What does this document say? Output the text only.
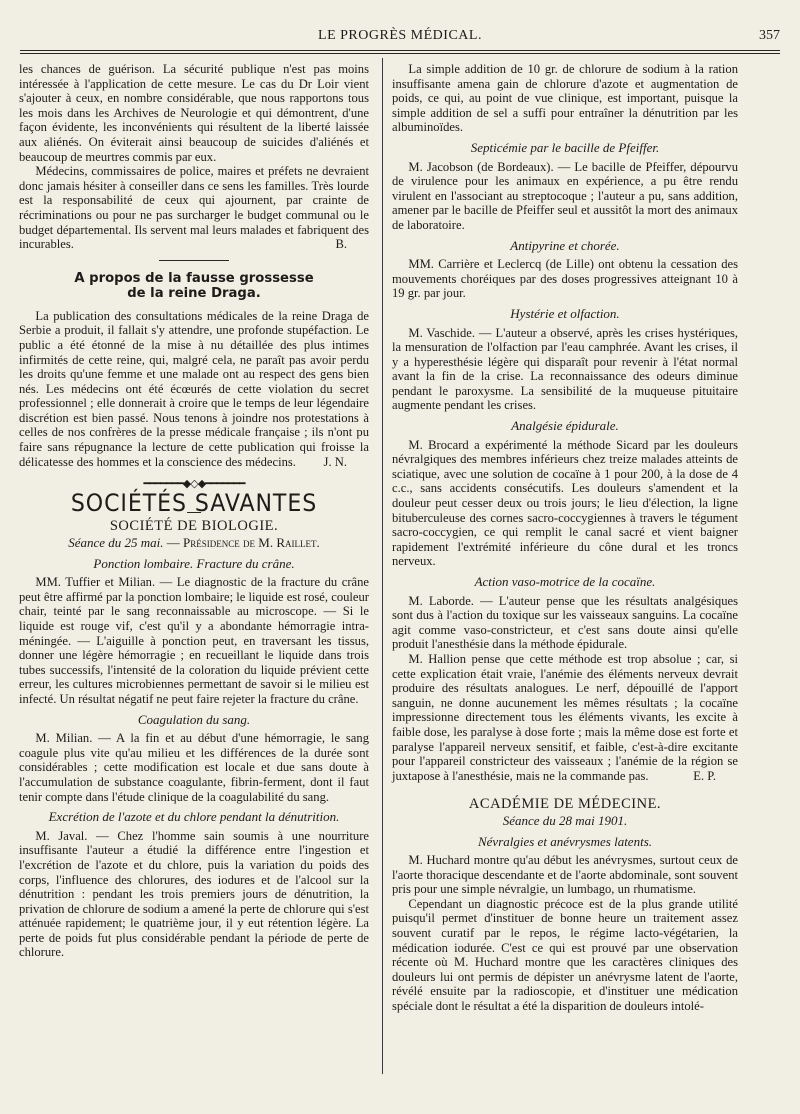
LE PROGRÈS MÉDICAL.	357

les chances de guérison. La sécurité publique n'est pas moins intéressée à l'application de cette mesure. Le cas du Dr Loir vient s'ajouter à ceux, en nombre considérable, que nous rapportons tous les mois dans les Archives de Neurologie et qui démontrent, d'une façon évidente, les inconvénients qui résultent de la liberté laissée aux aliénés. On éviterait ainsi beaucoup de suicides d'aliénés et beaucoup de meurtres commis par eux.

Médecins, commissaires de police, maires et préfets ne devraient donc jamais hésiter à conseiller dans ce sens les familles. Très lourde est la responsabilité de ceux qui ajournent, par crainte de récriminations ou pour ne pas surcharger le budget communal ou le budget départemental. Ils servent mal leurs malades et fabriquent des incurables.	B.

A propos de la fausse grossesse
de la reine Draga.

La publication des consultations médicales de la reine Draga de Serbie a produit, il fallait s'y attendre, une profonde stupéfaction. Le public a été étonné de la mise à nu détaillée des plus intimes infirmités de cette reine, qui, malgré cela, ne paraît pas avoir perdu les droits qu'une femme et une malade ont au respect des gens bien nés. Les médecins ont été écœurés de cette violation du secret professionnel ; elle donnerait à croire que le temps de leur légendaire discrétion est bien passé. Nous tenons à joindre nos protestations à celles de nos confrères de la presse médicale française ; ils n'ont pu faire sans répugnance la lecture de cette publication qui froisse la délicatesse des hommes et la conscience des médecins.	J. N.

━━━━━━━◆◇◆━━━━━━━
SOCIÉTÉS SAVANTES
SOCIÉTÉ DE BIOLOGIE.
Séance du 25 mai. — Présidence de M. Raillet.
Ponction lombaire. Fracture du crâne.

MM. Tuffier et Milian. — Le diagnostic de la fracture du crâne peut être affirmé par la ponction lombaire; le liquide est rosé, couleur chair, teinté par le sang reconnaissable au microscope. — Si le liquide est rouge vif, c'est qu'il y a abondante hémorragie intra-méningée. — L'aiguille à ponction peut, en traversant les tissus, donner une légère hémorragie ; en recueillant le liquide dans trois tubes successifs, l'intensité de la coloration du liquide prévient cette erreur, les cultures microbiennes permettant de savoir si le milieu est infecté. Un résultat négatif ne peut faire rejeter la fracture du crâne.

Coagulation du sang.

M. Milian. — A la fin et au début d'une hémorragie, le sang coagule plus vite qu'au milieu et les différences de la durée sont considérables ; cette modification est locale et due sans doute à l'accumulation de substance coagulante, fibrin-ferment, dont il faut tenir compte dans l'étude clinique de la coagulabilité du sang.

Excrétion de l'azote et du chlore pendant la dénutrition.

M. Javal. — Chez l'homme sain soumis à une nourriture insuffisante l'auteur a étudié la différence entre l'ingestion et l'excrétion de l'azote et du chlore, puis la variation du poids des corps, l'influence des chlorures, des iodures et de l'alcool sur la dénutrition : pendant les trois premiers jours de dénutrition, la privation de chlorure de sodium a amené la perte de chlorure qui s'est atténuée rapidement; le quatrième jour, il y eut rétention légère. La perte de poids fut plus considérable pendant la période de perte de chlorure.

La simple addition de 10 gr. de chlorure de sodium à la ration insuffisante amena gain de chlorure d'azote et augmentation de poids, ce qui, au point de vue clinique, est important, puisque la simple addition de sel a suffi pour entraîner la dénutrition par les albuminoïdes.

Septicémie par le bacille de Pfeiffer.

M. Jacobson (de Bordeaux). — Le bacille de Pfeiffer, dépourvu de virulence pour les animaux en expérience, a pu être rendu virulent en l'associant au streptocoque ; l'auteur a pu, sans addition, amener par le bacille de Pfeiffer seul et aussitôt la mort des animaux de laboratoire.

Antipyrine et chorée.

MM. Carrière et Leclercq (de Lille) ont obtenu la cessation des mouvements choréiques par des doses progressives atteignant 10 à 19 gr. par jour.

Hystérie et olfaction.

M. Vaschide. — L'auteur a observé, après les crises hystériques, la mensuration de l'olfaction par l'eau camphrée. Avant les crises, il y a hyperesthésie légère qui disparaît pour revenir à l'état normal avant la fin de la crise. La reconnaissance des odeurs diminue pendant le paroxysme. La sensibilité de la muqueuse pituitaire augmente pendant les crises.

Analgésie épidurale.

M. Brocard a expérimenté la méthode Sicard par les douleurs névralgiques des membres inférieurs chez treize malades atteints de sciatique, avec une solution de cocaïne à 1 pour 200, à la dose de 4 c.c., sans accidents consécutifs. Les douleurs s'amendent et la douleur peut cesser deux ou trois jours; le lieu d'élection, la ligne bituberculeuse des cornes sacro-coccygiennes à travers le tégument sacro-coccygien, ce qui remplit le canal sacré et vient baigner rapidement l'extrémité inférieure du cône dural et les troncs nerveux.

Action vaso-motrice de la cocaïne.

M. Laborde. — L'auteur pense que les résultats analgésiques sont dus à l'action du toxique sur les vaisseaux sanguins. La cocaïne agit comme vaso-constricteur, et c'est sans doute ainsi qu'elle produit l'anesthésie dans la méthode épidurale.

M. Hallion pense que cette méthode est trop absolue ; car, si cette explication était vraie, l'anémie des éléments nerveux devrait produire des résultats analogues. Le nerf, dépouillé de l'apport sanguin, ne donne aucunement les mêmes résultats ; la cocaïne impressionne directement tous les éléments vivants, les excite à faible dose, les paralyse à dose forte ; mais la même dose est forte et paralyse l'appareil nerveux sensitif, et faible, c'est-à-dire excitante pour l'appareil constricteur des vaisseaux ; l'anémie de la région se juxtapose à l'anesthésie, mais ne la commande pas.	E. P.

ACADÉMIE DE MÉDECINE.
Séance du 28 mai 1901.
Névralgies et anévrysmes latents.

M. Huchard montre qu'au début les anévrysmes, surtout ceux de l'aorte thoracique descendante et de l'aorte abdominale, sont souvent pris pour une simple névralgie, un lumbago, un rhumatisme.

Cependant un diagnostic précoce est de la plus grande utilité puisqu'il permet d'instituer de bonne heure un traitement assez souvent curatif par le repos, le régime lacto-végétarien, la médication iodurée. C'est ce qui est prouvé par une observation récente où M. Huchard montre que les caractères cliniques des douleurs lui ont permis de dépister un anévrysme latent de l'aorte, révélé ensuite par la radioscopie, et d'instituer une médication spéciale dont le résultat a été la disparition de douleurs intolé-
